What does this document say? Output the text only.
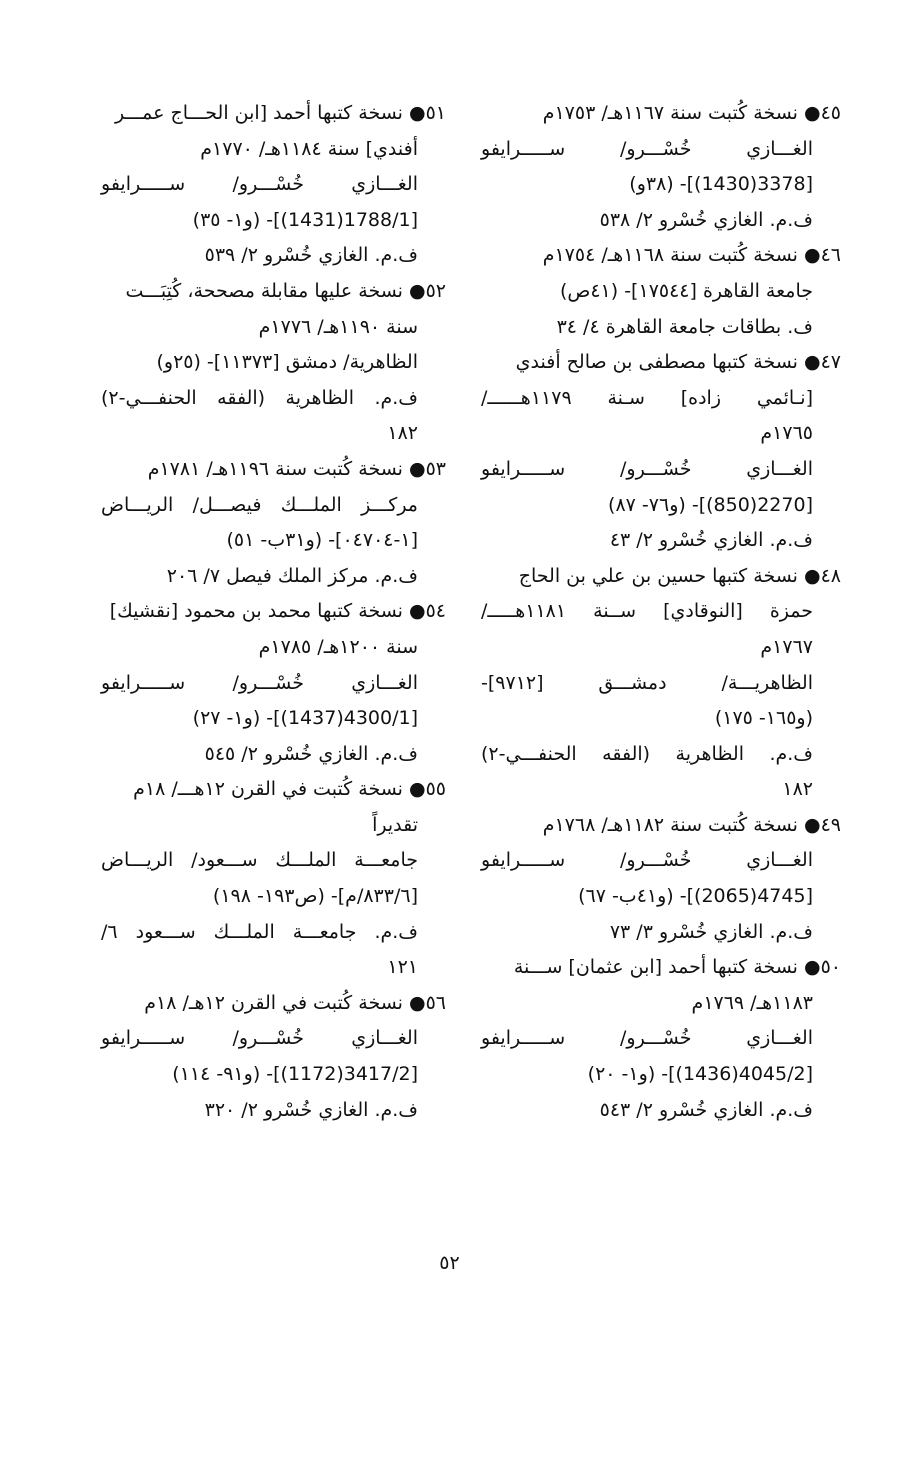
٤٥● نسخة كُتبت سنة ١١٦٧هـ/ ١٧٥٣م
الغـــازي خُسْـــرو/ ســـــرايفو
[3378(1430)]- (٣٨و)
ف.م. الغازي خُسْرو ٢/ ٥٣٨
٤٦● نسخة كُتبت سنة ١١٦٨هـ/ ١٧٥٤م
جامعة القاهرة [١٧٥٤٤]- (٤١ص)
ف. بطاقات جامعة القاهرة ٤/ ٣٤
٤٧● نسخة كتبها مصطفى بن صالح أفندي
[نـائمي زاده] سـنة ١١٧٩هــــــ/
١٧٦٥م
الغـــازي خُسْـــرو/ ســـــرايفو
[2270(850)]- (و٧٦- ٨٧)
ف.م. الغازي خُسْرو ٢/ ٤٣
٤٨● نسخة كتبها حسين بن علي بن الحاج
حمزة [النوقادي] ســنة ١١٨١هـــــ/
١٧٦٧م
الظاهريـــة/ دمشـــق [٩٧١٢]-
(و١٦٥- ١٧٥)
ف.م. الظاهرية (الفقه الحنفـــي-٢)
١٨٢
٤٩● نسخة كُتبت سنة ١١٨٢هـ/ ١٧٦٨م
الغـــازي خُسْـــرو/ ســـــرايفو
[4745(2065)]- (و٤١ب- ٦٧)
ف.م. الغازي خُسْرو ٣/ ٧٣
٥٠● نسخة كتبها أحمد [ابن عثمان] ســـنة
١١٨٣هـ/ ١٧٦٩م
الغـــازي خُسْـــرو/ ســـــرايفو
[4045/2(1436)]- (و١- ٢٠)
ف.م. الغازي خُسْرو ٢/ ٥٤٣
٥١● نسخة كتبها أحمد [ابن الحـــاج عمـــر
أفندي] سنة ١١٨٤هـ/ ١٧٧٠م
الغـــازي خُسْـــرو/ ســـــرايفو
[1788/1(1431)]- (و١- ٣٥)
ف.م. الغازي خُسْرو ٢/ ٥٣٩
٥٢● نسخة عليها مقابلة مصححة، كُتِبَـــت
سنة ١١٩٠هـ/ ١٧٧٦م
الظاهرية/ دمشق [١١٣٧٣]- (٢٥و)
ف.م. الظاهرية (الفقه الحنفـــي-٢)
١٨٢
٥٣● نسخة كُتبت سنة ١١٩٦هـ/ ١٧٨١م
مركـــز الملـــك فيصـــل/ الريـــاض
[١-٠٤٧٠٤]- (و٣١ب- ٥١)
ف.م. مركز الملك فيصل ٧/ ٢٠٦
٥٤● نسخة كتبها محمد بن محمود [نقشيك]
سنة ١٢٠٠هـ/ ١٧٨٥م
الغـــازي خُسْـــرو/ ســـــرايفو
[4300/1(1437)]- (و١- ٢٧)
ف.م. الغازي خُسْرو ٢/ ٥٤٥
٥٥● نسخة كُتبت في القرن ١٢هـــ/ ١٨م
تقديراً
جامعـــة الملـــك ســـعود/ الريـــاض
[٨٣٣/٦/م]- (ص١٩٣- ١٩٨)
ف.م. جامعـــة الملـــك ســـعود ٦/
١٢١
٥٦● نسخة كُتبت في القرن ١٢هـ/ ١٨م
الغـــازي خُسْـــرو/ ســـــرايفو
[3417/2(1172)]- (و٩١- ١١٤)
ف.م. الغازي خُسْرو ٢/ ٣٢٠
٥٢
